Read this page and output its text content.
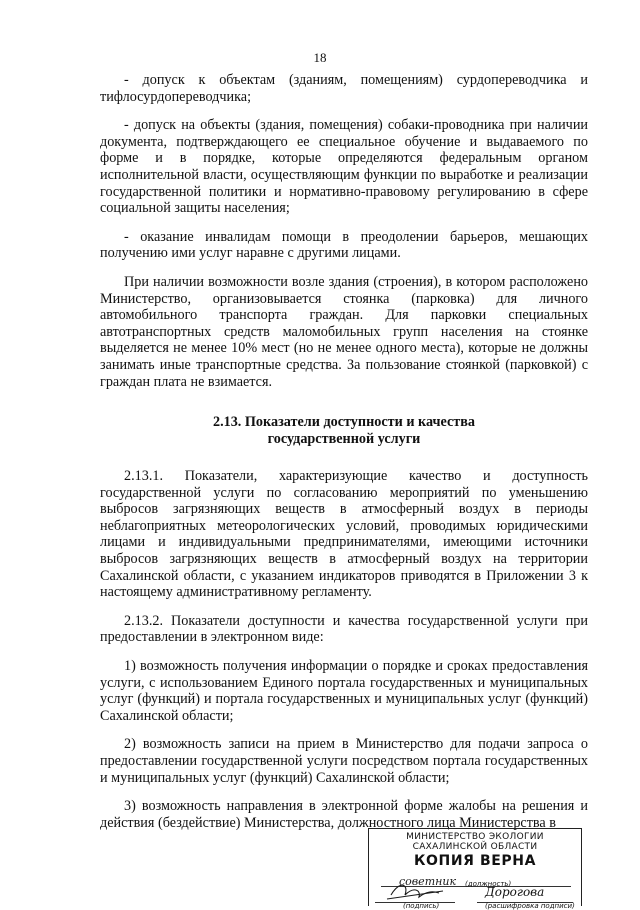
18

- допуск к объектам (зданиям, помещениям) сурдопереводчика и тифлосурдопереводчика;

- допуск на объекты (здания, помещения) собаки-проводника при наличии документа, подтверждающего ее специальное обучение и выдаваемого по форме и в порядке, которые определяются федеральным органом исполнительной власти, осуществляющим функции по выработке и реализации государственной политики и нормативно-правовому регулированию в сфере социальной защиты населения;

- оказание инвалидам помощи в преодолении барьеров, мешающих получению ими услуг наравне с другими лицами.

При наличии возможности возле здания (строения), в котором расположено Министерство, организовывается стоянка (парковка) для личного автомобильного транспорта граждан. Для парковки специальных автотранспортных средств маломобильных групп населения на стоянке выделяется не менее 10% мест (но не менее одного места), которые не должны занимать иные транспортные средства. За пользование стоянкой (парковкой) с граждан плата не взимается.

2.13. Показатели доступности и качества
государственной услуги

2.13.1. Показатели, характеризующие качество и доступность государственной услуги по согласованию мероприятий по уменьшению выбросов загрязняющих веществ в атмосферный воздух в периоды неблагоприятных метеорологических условий, проводимых юридическими лицами и индивидуальными предпринимателями, имеющими источники выбросов загрязняющих веществ в атмосферный воздух на территории Сахалинской области, с указанием индикаторов приводятся в Приложении 3 к настоящему административному регламенту.

2.13.2. Показатели доступности и качества государственной услуги при предоставлении в электронном виде:

1) возможность получения информации о порядке и сроках предоставления услуги, с использованием Единого портала государственных и муниципальных услуг (функций) и портала государственных и муниципальных услуг (функций) Сахалинской области;

2) возможность записи на прием в Министерство для подачи запроса о предоставлении государственной услуги посредством портала государственных и муниципальных услуг (функций) Сахалинской области;

3) возможность направления в электронной форме жалобы на решения и действия (бездействие) Министерства, должностного лица Министерства в

МИНИСТЕРСТВО ЭКОЛОГИИ
САХАЛИНСКОЙ ОБЛАСТИ
КОПИЯ ВЕРНА
советник (должность)
Дорогова
(подпись)	(расшифровка подписи)
